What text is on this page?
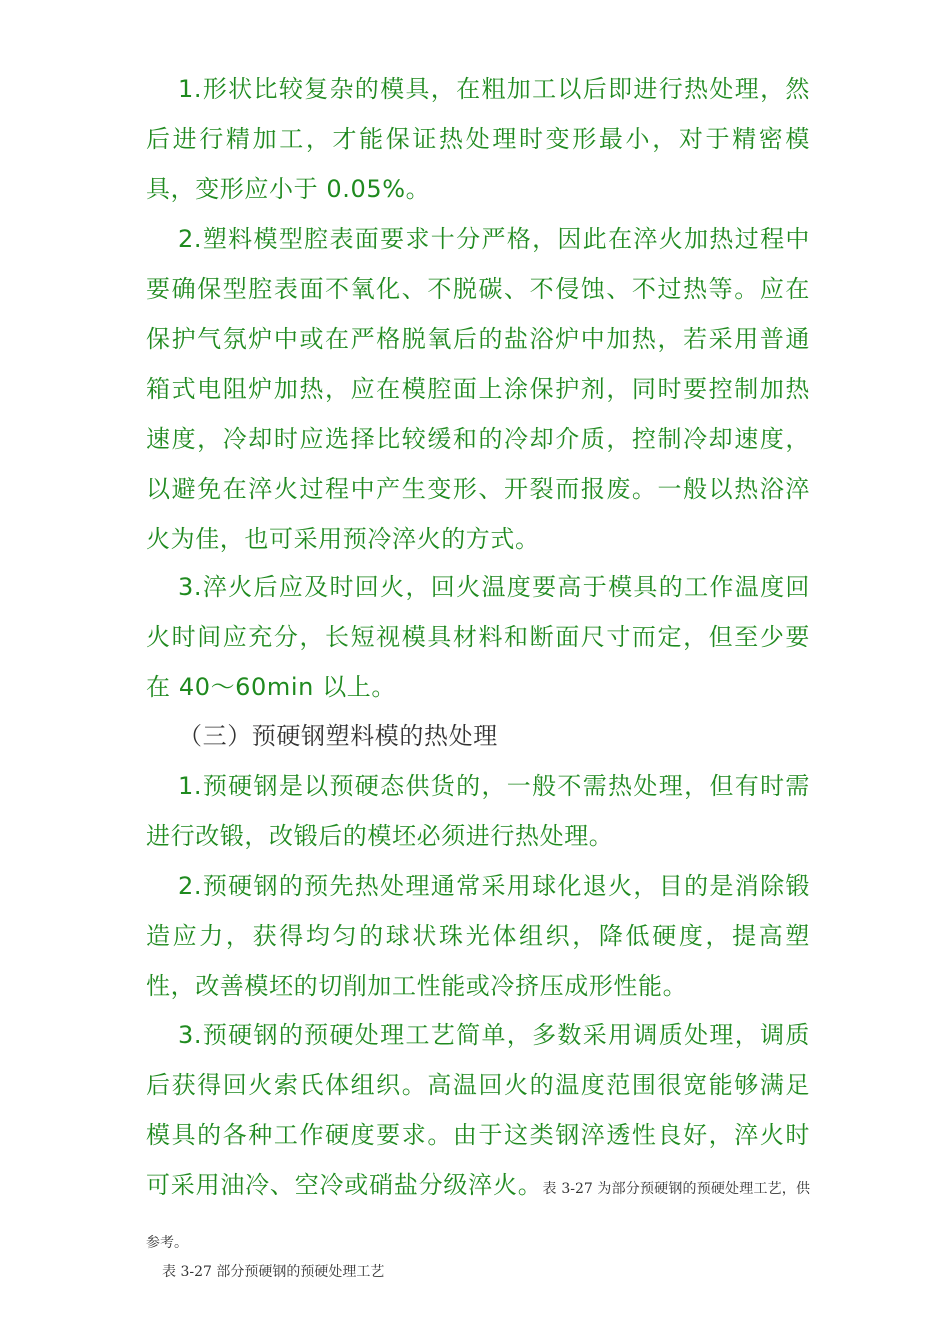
1.形状比较复杂的模具，在粗加工以后即进行热处理，然后进行精加工，才能保证热处理时变形最小，对于精密模具，变形应小于 0.05%。

2.塑料模型腔表面要求十分严格，因此在淬火加热过程中要确保型腔表面不氧化、不脱碳、不侵蚀、不过热等。应在保护气氛炉中或在严格脱氧后的盐浴炉中加热，若采用普通箱式电阻炉加热，应在模腔面上涂保护剂，同时要控制加热速度，冷却时应选择比较缓和的冷却介质，控制冷却速度，以避免在淬火过程中产生变形、开裂而报废。一般以热浴淬火为佳，也可采用预冷淬火的方式。

3.淬火后应及时回火，回火温度要高于模具的工作温度回火时间应充分，长短视模具材料和断面尺寸而定，但至少要在 40～60min 以上。

（三）预硬钢塑料模的热处理

1.预硬钢是以预硬态供货的，一般不需热处理，但有时需进行改锻，改锻后的模坯必须进行热处理。

2.预硬钢的预先热处理通常采用球化退火，目的是消除锻造应力，获得均匀的球状珠光体组织，降低硬度，提高塑性，改善模坯的切削加工性能或冷挤压成形性能。

3.预硬钢的预硬处理工艺简单，多数采用调质处理，调质后获得回火索氏体组织。高温回火的温度范围很宽能够满足模具的各种工作硬度要求。由于这类钢淬透性良好，淬火时可采用油冷、空冷或硝盐分级淬火。表 3-27 为部分预硬钢的预硬处理工艺，供参考。

表 3-27 部分预硬钢的预硬处理工艺
